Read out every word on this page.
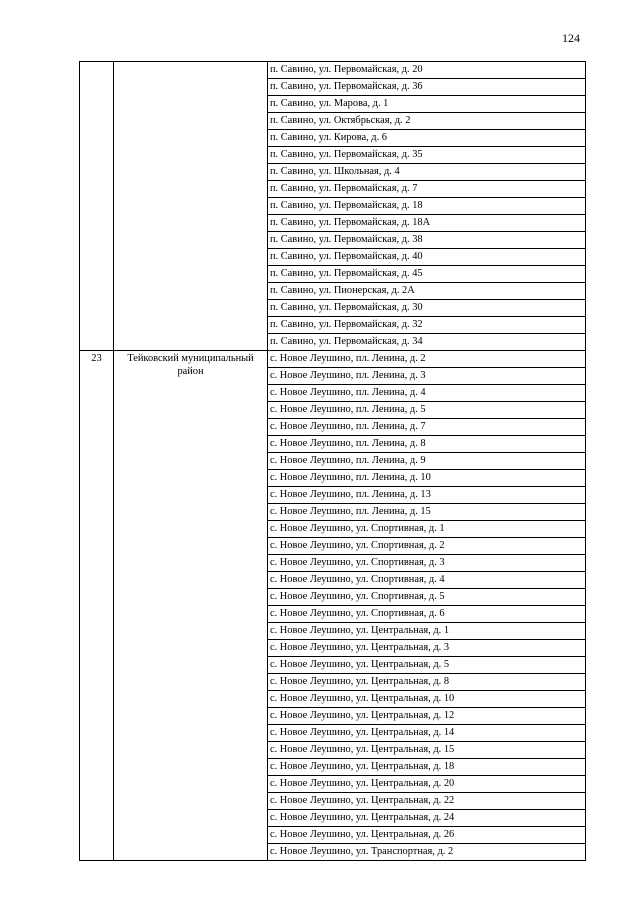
124
		п. Савино, ул. Первомайская, д. 20
		п. Савино, ул. Первомайская, д. 36
		п. Савино, ул. Марова, д. 1
		п. Савино, ул. Октябрьская, д. 2
		п. Савино, ул. Кирова, д. 6
		п. Савино, ул. Первомайская, д. 35
		п. Савино, ул. Школьная, д. 4
		п. Савино, ул. Первомайская, д. 7
		п. Савино, ул. Первомайская, д. 18
		п. Савино, ул. Первомайская, д. 18А
		п. Савино, ул. Первомайская, д. 38
		п. Савино, ул. Первомайская, д. 40
		п. Савино, ул. Первомайская, д. 45
		п. Савино, ул. Пионерская, д. 2А
		п. Савино, ул. Первомайская, д. 30
		п. Савино, ул. Первомайская, д. 32
		п. Савино, ул. Первомайская, д. 34
23	Тейковский муниципальный район	с. Новое Леушино, пл. Ленина, д. 2
		с. Новое Леушино, пл. Ленина, д. 3
		с. Новое Леушино, пл. Ленина, д. 4
		с. Новое Леушино, пл. Ленина, д. 5
		с. Новое Леушино, пл. Ленина, д. 7
		с. Новое Леушино, пл. Ленина, д. 8
		с. Новое Леушино, пл. Ленина, д. 9
		с. Новое Леушино, пл. Ленина, д. 10
		с. Новое Леушино, пл. Ленина, д. 13
		с. Новое Леушино, пл. Ленина, д. 15
		с. Новое Леушино, ул. Спортивная, д. 1
		с. Новое Леушино, ул. Спортивная, д. 2
		с. Новое Леушино, ул. Спортивная, д. 3
		с. Новое Леушино, ул. Спортивная, д. 4
		с. Новое Леушино, ул. Спортивная, д. 5
		с. Новое Леушино, ул. Спортивная, д. 6
		с. Новое Леушино, ул. Центральная, д. 1
		с. Новое Леушино, ул. Центральная, д. 3
		с. Новое Леушино, ул. Центральная, д. 5
		с. Новое Леушино, ул. Центральная, д. 8
		с. Новое Леушино, ул. Центральная, д. 10
		с. Новое Леушино, ул. Центральная, д. 12
		с. Новое Леушино, ул. Центральная, д. 14
		с. Новое Леушино, ул. Центральная, д. 15
		с. Новое Леушино, ул. Центральная, д. 18
		с. Новое Леушино, ул. Центральная, д. 20
		с. Новое Леушино, ул. Центральная, д. 22
		с. Новое Леушино, ул. Центральная, д. 24
		с. Новое Леушино, ул. Центральная, д. 26
		с. Новое Леушино, ул. Транспортная, д. 2
